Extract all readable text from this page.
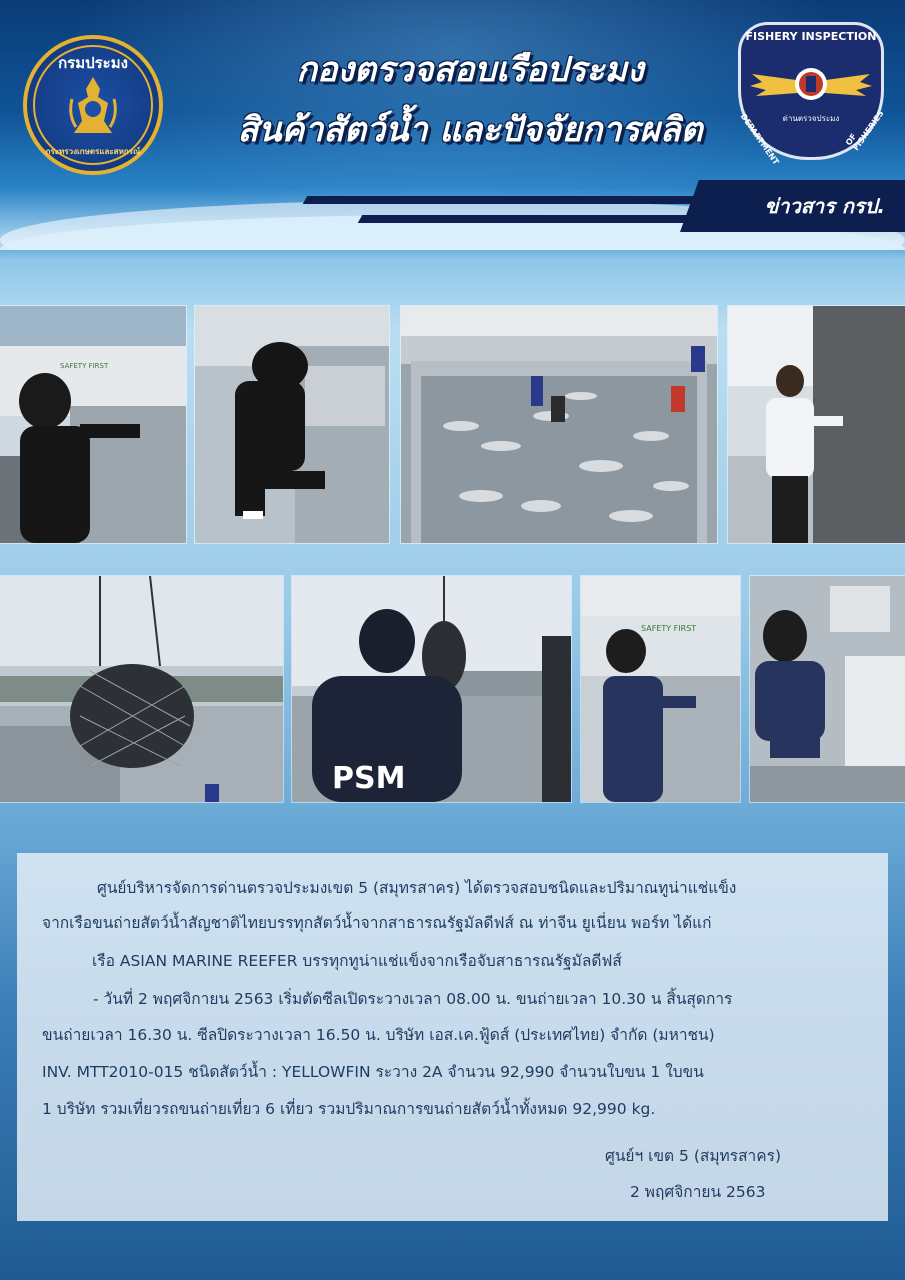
กรมประมง
กระทรวงเกษตรและสหกรณ์
กองตรวจสอบเรือประมง
สินค้าสัตว์น้ำ และปัจจัยการผลิต
FISHERY INSPECTION
ด่านตรวจประมง
DEPARTMENT	OF FISHERIES
ข่าวสาร กรป.
SAFETY FIRST
PSM
SAFETY FIRST
ศูนย์บริหารจัดการด่านตรวจประมงเขต 5 (สมุทรสาคร) ได้ตรวจสอบชนิดและปริมาณทูน่าแช่แข็ง
จากเรือขนถ่ายสัตว์น้ำสัญชาติไทยบรรทุกสัตว์น้ำจากสาธารณรัฐมัลดีฟส์ ณ ท่าจีน ยูเนี่ยน พอร์ท ได้แก่
เรือ ASIAN MARINE REEFER บรรทุกทูน่าแช่แข็งจากเรือจับสาธารณรัฐมัลดีฟส์
- วันที่ 2 พฤศจิกายน 2563 เริ่มตัดซีลเปิดระวางเวลา 08.00 น. ขนถ่ายเวลา 10.30 น สิ้นสุดการ
ขนถ่ายเวลา 16.30 น. ซีลปิดระวางเวลา 16.50 น. บริษัท เอส.เค.ฟู้ดส์ (ประเทศไทย) จำกัด (มหาชน)
INV. MTT2010-015 ชนิดสัตว์น้ำ : YELLOWFIN ระวาง 2A จำนวน 92,990 จำนวนใบขน 1 ใบขน
1 บริษัท รวมเที่ยวรถขนถ่ายเที่ยว 6 เที่ยว รวมปริมาณการขนถ่ายสัตว์น้ำทั้งหมด 92,990 kg.
ศูนย์ฯ เขต 5 (สมุทรสาคร)
2 พฤศจิกายน 2563
